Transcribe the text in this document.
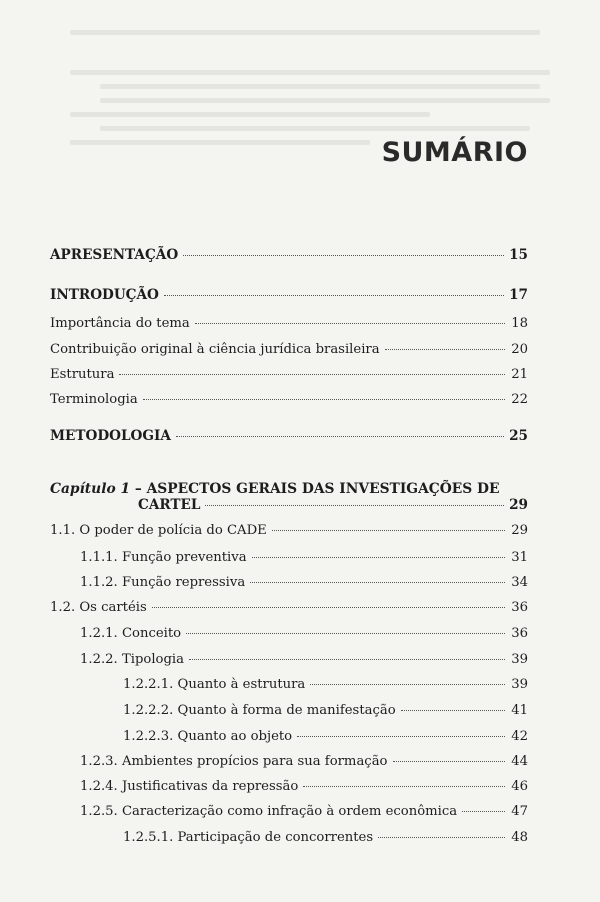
SUMÁRIO
APRESENTAÇÃO	15
INTRODUÇÃO	17
Importância do tema	18
Contribuição original à ciência jurídica brasileira	20
Estrutura	21
Terminologia	22
METODOLOGIA	25
Capítulo 1 – ASPECTOS GERAIS DAS INVESTIGAÇÕES DE
CARTEL	29
1.1. O poder de polícia do CADE	29
1.1.1. Função preventiva	31
1.1.2. Função repressiva	34
1.2. Os cartéis	36
1.2.1. Conceito	36
1.2.2. Tipologia	39
1.2.2.1. Quanto à estrutura	39
1.2.2.2. Quanto à forma de manifestação	41
1.2.2.3. Quanto ao objeto	42
1.2.3. Ambientes propícios para sua formação	44
1.2.4. Justificativas da repressão	46
1.2.5. Caracterização como infração à ordem econômica	47
1.2.5.1. Participação de concorrentes	48
